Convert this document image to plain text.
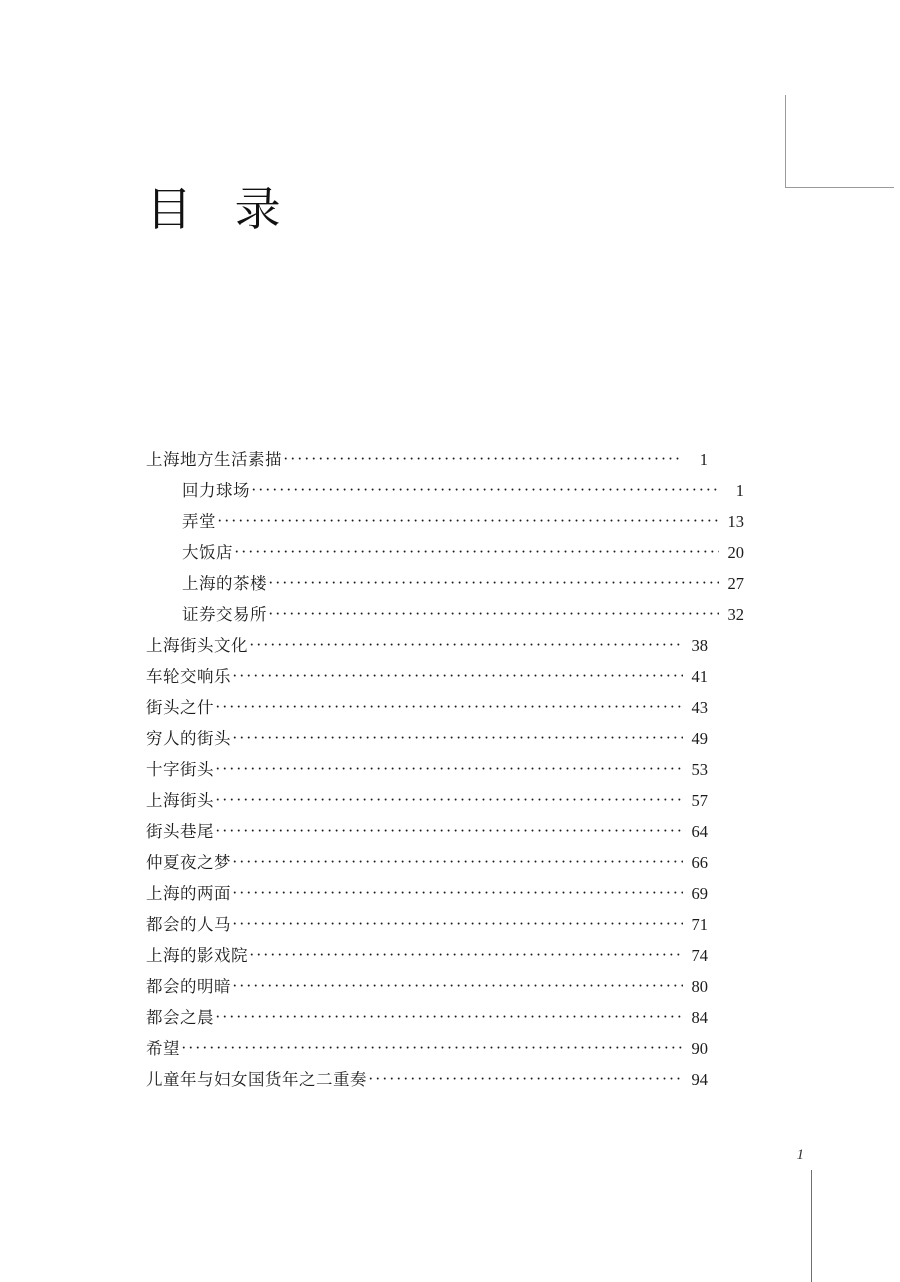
目 录
上海地方生活素描 ·····	1
回力球场 ·····	1
弄堂 ·····	13
大饭店 ·····	20
上海的茶楼 ·····	27
证券交易所 ·····	32
上海街头文化 ·····	38
车轮交响乐 ·····	41
街头之什 ·····	43
穷人的街头 ·····	49
十字街头 ·····	53
上海街头 ·····	57
街头巷尾 ·····	64
仲夏夜之梦 ·····	66
上海的两面 ·····	69
都会的人马 ·····	71
上海的影戏院 ·····	74
都会的明暗 ·····	80
都会之晨 ·····	84
希望 ·····	90
儿童年与妇女国货年之二重奏 ·····	94
1
